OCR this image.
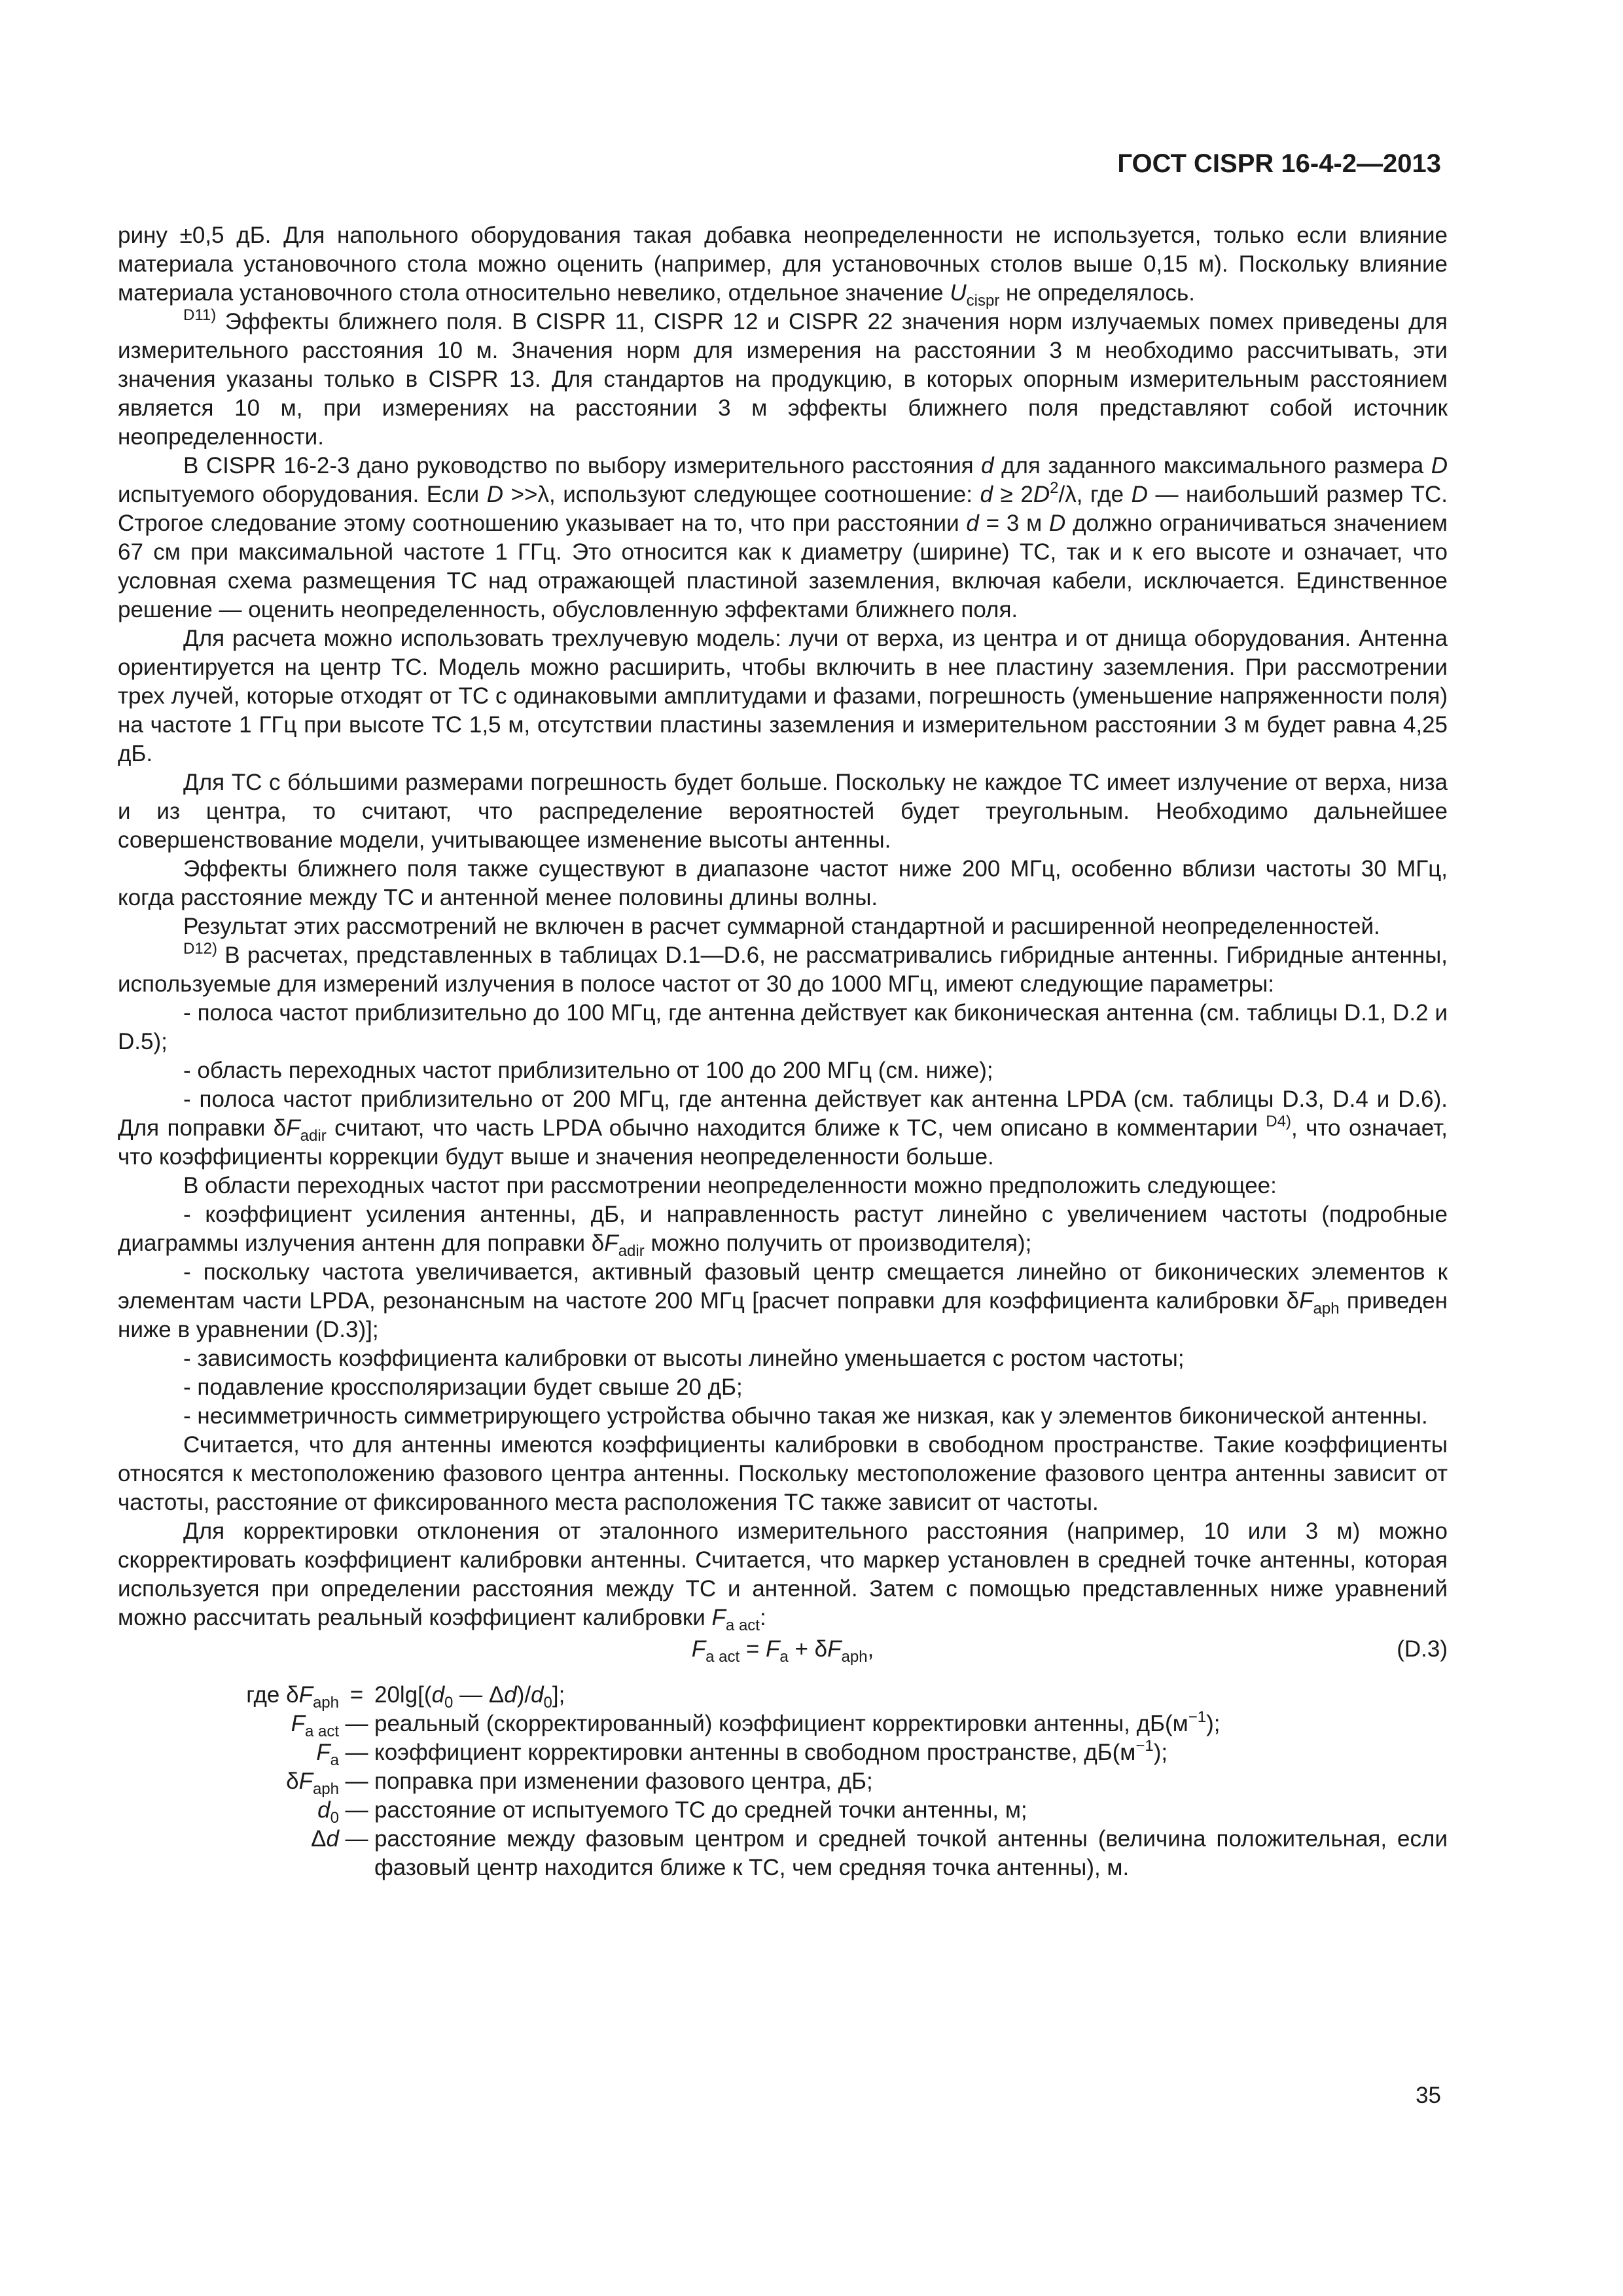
ГОСТ CISPR 16-4-2—2013

рину ±0,5 дБ. Для напольного оборудования такая добавка неопределенности не используется, только если влияние материала установочного стола можно оценить (например, для установочных столов выше 0,15 м). Поскольку влияние материала установочного стола относительно невелико, отдельное значение $U_{cispr}$ не определялось.

$^{D11)}$ Эффекты ближнего поля. В CISPR 11, CISPR 12 и CISPR 22 значения норм излучаемых помех приведены для измерительного расстояния 10 м. Значения норм для измерения на расстоянии 3 м необходимо рассчитывать, эти значения указаны только в CISPR 13. Для стандартов на продукцию, в которых опорным измерительным расстоянием является 10 м, при измерениях на расстоянии 3 м эффекты ближнего поля представляют собой источник неопределенности.

В CISPR 16-2-3 дано руководство по выбору измерительного расстояния d для заданного максимального размера D испытуемого оборудования. Если D >>λ, используют следующее соотношение: $d \ge 2D^2/\lambda$, где D — наибольший размер ТС. Строгое следование этому соотношению указывает на то, что при расстоянии d = 3 м D должно ограничиваться значением 67 см при максимальной частоте 1 ГГц. Это относится как к диаметру (ширине) ТС, так и к его высоте и означает, что условная схема размещения ТС над отражающей пластиной заземления, включая кабели, исключается. Единственное решение — оценить неопределенность, обусловленную эффектами ближнего поля.

Для расчета можно использовать трехлучевую модель: лучи от верха, из центра и от днища оборудования. Антенна ориентируется на центр ТС. Модель можно расширить, чтобы включить в нее пластину заземления. При рассмотрении трех лучей, которые отходят от ТС с одинаковыми амплитудами и фазами, погрешность (уменьшение напряженности поля) на частоте 1 ГГц при высоте ТС 1,5 м, отсутствии пластины заземления и измерительном расстоянии 3 м будет равна 4,25 дБ.

Для ТС с бо́льшими размерами погрешность будет больше. Поскольку не каждое ТС имеет излучение от верха, низа и из центра, то считают, что распределение вероятностей будет треугольным. Необходимо дальнейшее совершенствование модели, учитывающее изменение высоты антенны.

Эффекты ближнего поля также существуют в диапазоне частот ниже 200 МГц, особенно вблизи частоты 30 МГц, когда расстояние между ТС и антенной менее половины длины волны.

Результат этих рассмотрений не включен в расчет суммарной стандартной и расширенной неопределенностей.

$^{D12)}$ В расчетах, представленных в таблицах D.1—D.6, не рассматривались гибридные антенны. Гибридные антенны, используемые для измерений излучения в полосе частот от 30 до 1000 МГц, имеют следующие параметры:

- полоса частот приблизительно до 100 МГц, где антенна действует как биконическая антенна (см. таблицы D.1, D.2 и D.5);

- область переходных частот приблизительно от 100 до 200 МГц (см. ниже);

- полоса частот приблизительно от 200 МГц, где антенна действует как антенна LPDA (см. таблицы D.3, D.4 и D.6). Для поправки $\delta F_{adir}$ считают, что часть LPDA обычно находится ближе к ТС, чем описано в комментарии $^{D4)}$, что означает, что коэффициенты коррекции будут выше и значения неопределенности больше.

В области переходных частот при рассмотрении неопределенности можно предположить следующее:

- коэффициент усиления антенны, дБ, и направленность растут линейно с увеличением частоты (подробные диаграммы излучения антенн для поправки $\delta F_{adir}$ можно получить от производителя);

- поскольку частота увеличивается, активный фазовый центр смещается линейно от биконических элементов к элементам части LPDA, резонансным на частоте 200 МГц [расчет поправки для коэффициента калибровки $\delta F_{aph}$ приведен ниже в уравнении (D.3)];

- зависимость коэффициента калибровки от высоты линейно уменьшается с ростом частоты;

- подавление кроссполяризации будет свыше 20 дБ;

- несимметричность симметрирующего устройства обычно такая же низкая, как у элементов биконической антенны.

Считается, что для антенны имеются коэффициенты калибровки в свободном пространстве. Такие коэффициенты относятся к местоположению фазового центра антенны. Поскольку местоположение фазового центра антенны зависит от частоты, расстояние от фиксированного места расположения ТС также зависит от частоты.

Для корректировки отклонения от эталонного измерительного расстояния (например, 10 или 3 м) можно скорректировать коэффициент калибровки антенны. Считается, что маркер установлен в средней точке антенны, которая используется при определении расстояния между ТС и антенной. Затем с помощью представленных ниже уравнений можно рассчитать реальный коэффициент калибровки $F_{a act}$:

$F_{a act} = F_a + \delta F_{aph}$,	(D.3)
где $\delta F_{aph} = 20\lg[(d_0$ — $\Delta d)/d_0$];
$F_{a act}$ — реальный (скорректированный) коэффициент корректировки антенны, $дБ(м^{-1})$;
$F_a$ — коэффициент корректировки антенны в свободном пространстве, $дБ(м^{-1})$;
$\delta F_{aph}$ — поправка при изменении фазового центра, дБ;
$d_0$ — расстояние от испытуемого ТС до средней точки антенны, м;
Δd — расстояние между фазовым центром и средней точкой антенны (величина положительная, если фазовый центр находится ближе к ТС, чем средняя точка антенны), м.
35
